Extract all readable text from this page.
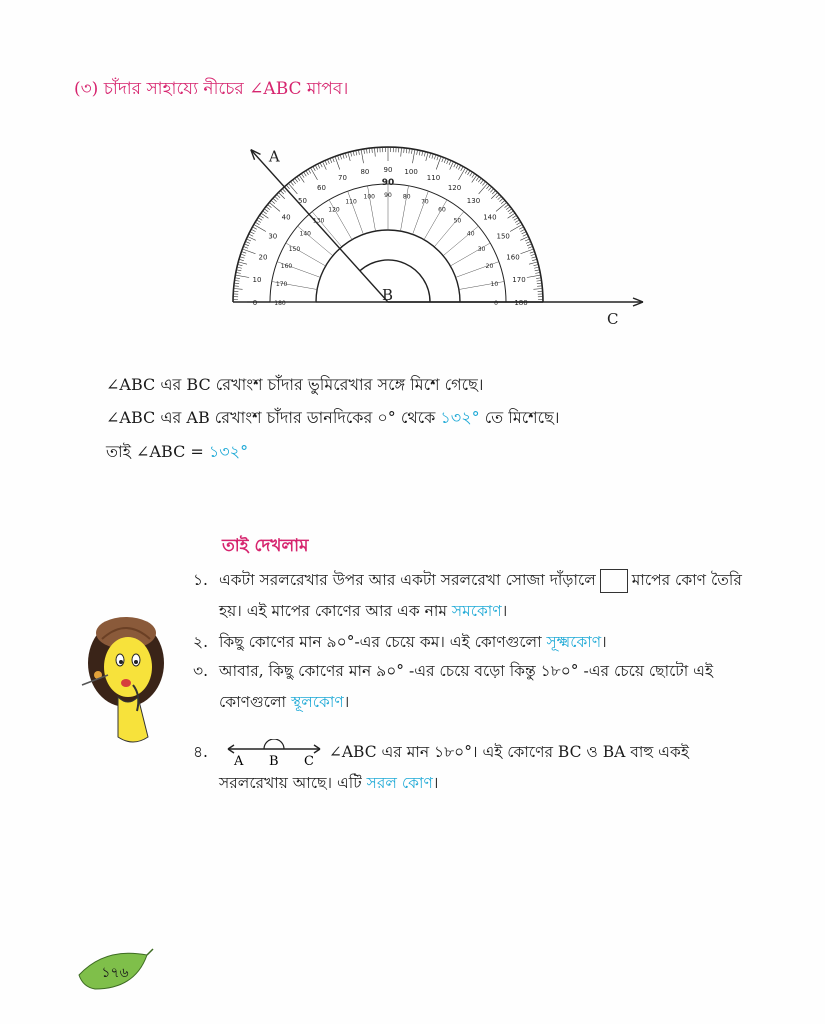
(৩) চাঁদার সাহায্যে নীচের ∠ABC মাপব।
0	0
10
10
20
20
30
30
40
40
50
50
60
60
70
70
80
80
90
90
100
100
110
110
120
120
130
130	140
140	150
150
160
160
170
170
180
180
90
A
B
C
∠ABC এর BC রেখাংশ চাঁদার ভুমিরেখার সঙ্গে মিশে গেছে।
∠ABC এর AB রেখাংশ চাঁদার ডানদিকের ০° থেকে ১৩২° তে মিশেছে।
তাই ∠ABC = ১৩২°
তাই দেখলাম
১. একটা সরলরেখার উপর আর একটা সরলরেখা সোজা দাঁড়ালে মাপের কোণ তৈরি
হয়। এই মাপের কোণের আর এক নাম সমকোণ।
২. কিছু কোণের মান ৯০°-এর চেয়ে কম। এই কোণগুলো সূক্ষ্মকোণ।
৩. আবার, কিছু কোণের মান ৯০° -এর চেয়ে বড়ো কিন্তু ১৮০° -এর চেয়ে ছোটো এই
কোণগুলো স্থূলকোণ।
৪.
A B C
∠ABC এর মান ১৮০°। এই কোণের BC ও BA বাহু একই
সরলরেখায় আছে। এটি সরল কোণ।
১৭৬
